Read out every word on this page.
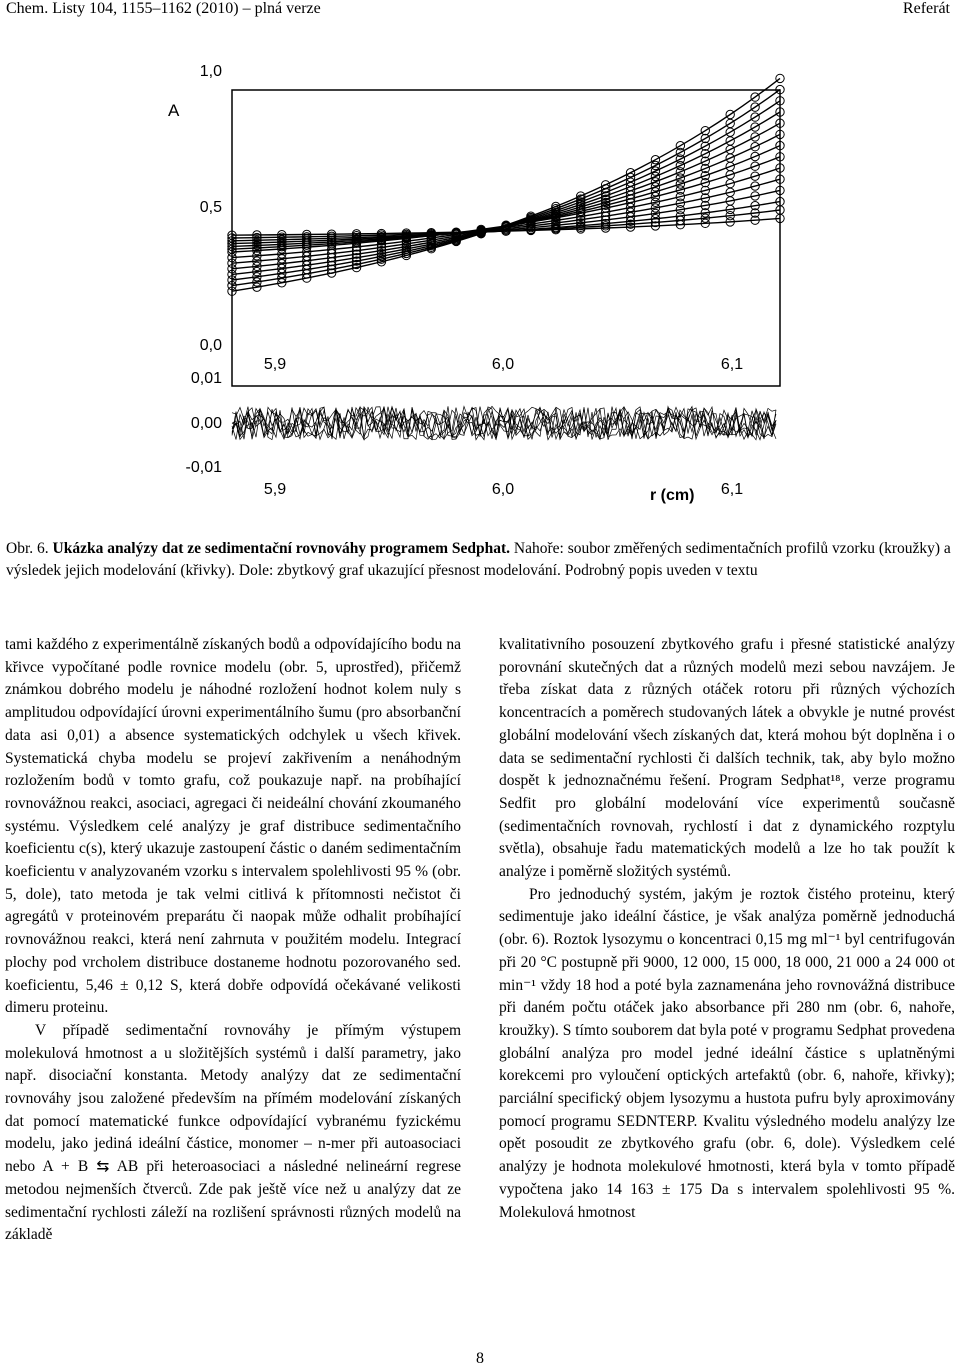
Chem. Listy 104, 1155–1162 (2010) – plná verze	Referát
A
1,0
0,5
0,0
5,9	6,0	6,1
0,01
0,00
-0,01
5,9	6,0	6,1
r (cm)
Obr. 6. Ukázka analýzy dat ze sedimentační rovnováhy programem Sedphat. Nahoře: soubor změřených sedimentačních profilů vzorku (kroužky) a výsledek jejich modelování (křivky). Dole: zbytkový graf ukazující přesnost modelování. Podrobný popis uveden v textu

tami každého z experimentálně získaných bodů a odpovídajícího bodu na křivce vypočítané podle rovnice modelu (obr. 5, uprostřed), přičemž známkou dobrého modelu je náhodné rozložení hodnot kolem nuly s amplitudou odpovídající úrovni experimentálního šumu (pro absorbanční data asi 0,01) a absence systematických odchylek u všech křivek. Systematická chyba modelu se projeví zakřivením a nenáhodným rozložením bodů v tomto grafu, což poukazuje např. na probíhající rovnovážnou reakci, asociaci, agregaci či neideální chování zkoumaného systému. Výsledkem celé analýzy je graf distribuce sedimentačního koeficientu c(s), který ukazuje zastoupení částic o daném sedimentačním koeficientu v analyzovaném vzorku s intervalem spolehlivosti 95 % (obr. 5, dole), tato metoda je tak velmi citlivá k přítomnosti nečistot či agregátů v proteinovém preparátu či naopak může odhalit probíhající rovnovážnou reakci, která není zahrnuta v použitém modelu. Integrací plochy pod vrcholem distribuce dostaneme hodnotu pozorovaného sed. koeficientu, 5,46 ± 0,12 S, která dobře odpovídá očekávané velikosti dimeru proteinu.

V případě sedimentační rovnováhy je přímým výstupem molekulová hmotnost a u složitějších systémů i další parametry, jako např. disociační konstanta. Metody analýzy dat ze sedimentační rovnováhy jsou založené především na přímém modelování získaných dat pomocí matematické funkce odpovídající vybranému fyzickému modelu, jako jediná ideální částice, monomer – n-mer při autoasociaci nebo A + B ⇆ AB při heteroasociaci a následné nelineární regrese metodou nejmenších čtverců. Zde pak ještě více než u analýzy dat ze sedimentační rychlosti záleží na rozlišení správnosti různých modelů na základě

kvalitativního posouzení zbytkového grafu i přesné statistické analýzy porovnání skutečných dat a různých modelů mezi sebou navzájem. Je třeba získat data z různých otáček rotoru při různých výchozích koncentracích a poměrech studovaných látek a obvykle je nutné provést globální modelování všech získaných dat, která mohou být doplněna i o data se sedimentační rychlosti či dalších technik, tak, aby bylo možno dospět k jednoznačnému řešení. Program Sedphat¹⁸, verze programu Sedfit pro globální modelování více experimentů současně (sedimentačních rovnovah, rychlostí i dat z dynamického rozptylu světla), obsahuje řadu matematických modelů a lze ho tak použít k analýze i poměrně složitých systémů.

Pro jednoduchý systém, jakým je roztok čistého proteinu, který sedimentuje jako ideální částice, je však analýza poměrně jednoduchá (obr. 6). Roztok lysozymu o koncentraci 0,15 mg ml⁻¹ byl centrifugován při 20 °C postupně při 9000, 12 000, 15 000, 18 000, 21 000 a 24 000 ot min⁻¹ vždy 18 hod a poté byla zaznamenána jeho rovnovážná distribuce při daném počtu otáček jako absorbance při 280 nm (obr. 6, nahoře, kroužky). S tímto souborem dat byla poté v programu Sedphat provedena globální analýza pro model jedné ideální částice s uplatněnými korekcemi pro vyloučení optických artefaktů (obr. 6, nahoře, křivky); parciální specifický objem lysozymu a hustota pufru byly aproximovány pomocí programu SEDNTERP. Kvalitu výsledného modelu analýzy lze opět posoudit ze zbytkového grafu (obr. 6, dole). Výsledkem celé analýzy je hodnota molekulové hmotnosti, která byla v tomto případě vypočtena jako 14 163 ± 175 Da s intervalem spolehlivosti 95 %. Molekulová hmotnost

8
